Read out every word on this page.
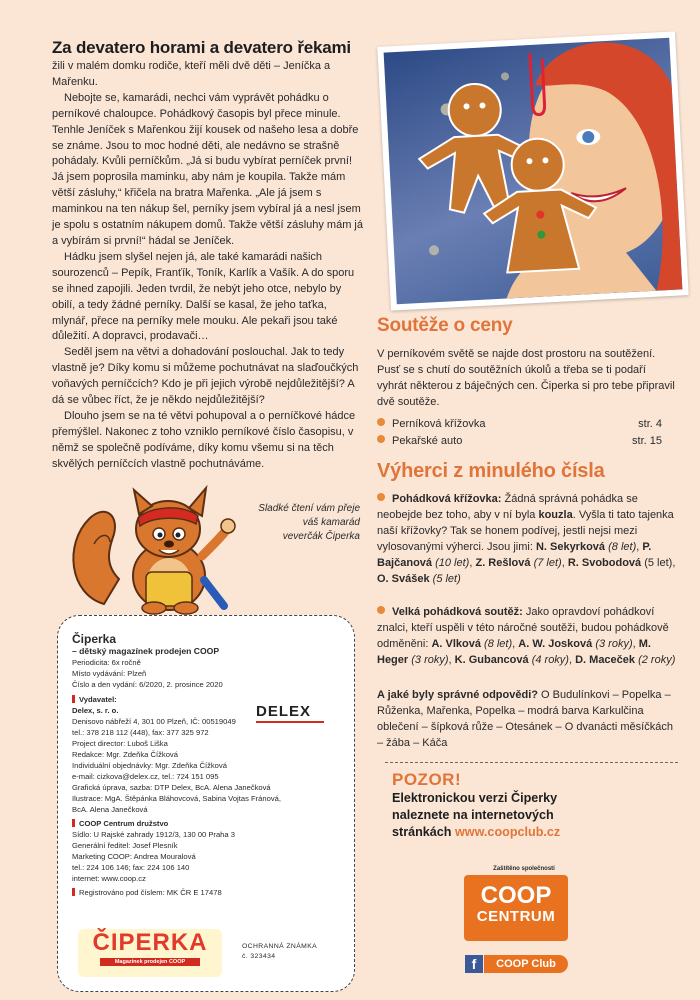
Za devatero horami a devatero řekami

žili v malém domku rodiče, kteří měli dvě děti – Jeníčka a Mařenku.

Nebojte se, kamarádi, nechci vám vyprávět pohádku o perníkové chaloupce. Pohádkový časopis byl přece minule. Tenhle Jeníček s Mařenkou žijí kousek od našeho lesa a dobře se známe. Jsou to moc hodné děti, ale nedávno se strašně pohádaly. Kvůli perníčkům. „Já si budu vybírat perníček první! Já jsem poprosila maminku, aby nám je koupila. Takže mám větší zásluhy,“ křičela na bratra Mařenka. „Ale já jsem s maminkou na ten nákup šel, perníky jsem vybíral já a nesl jsem je spolu s ostatním nákupem domů. Takže větší zásluhy mám já a vybírám si první!“ hádal se Jeníček.

Hádku jsem slyšel nejen já, ale také kamarádi našich sourozenců – Pepík, Franťík, Toník, Karlík a Vašík. A do sporu se ihned zapojili. Jeden tvrdil, že nebýt jeho otce, nebylo by obilí, a tedy žádné perníky. Další se kasal, že jeho taťka, mlynář, přece na perníky mele mouku. Ale pekaři jsou také důležití. A dopravci, prodavači…

Seděl jsem na větvi a dohadování poslouchal. Jak to tedy vlastně je? Díky komu si můžeme pochutnávat na slaďoučkých voňavých perníčcích? Kdo je při jejich výrobě nejdůležitější? A dá se vůbec říct, že je někdo nejdůležitější?

Dlouho jsem se na té větvi pohupoval a o perníčkové hádce přemýšlel. Nakonec z toho vzniklo perníkové číslo časopisu, v němž se společně podíváme, díky komu všemu si na těch skvělých perníčcích vlastně pochutnáváme.

Sladké čtení vám přeje
váš kamarád
veverčák Čiperka
Soutěže o ceny
V perníkovém světě se najde dost prostoru na soutěžení. Pusť se s chutí do soutěžních úkolů a třeba se ti podaří vyhrát některou z báječných cen. Čiperka si pro tebe připravil dvě soutěže.
Perníková křížovka	str. 4
Pekařské auto	str. 15
Výherci z minulého čísla
Pohádková křížovka: Žádná správná pohádka se neobejde bez toho, aby v ní byla kouzla. Vyšla ti tato tajenka naší křížovky? Tak se honem podívej, jestli nejsi mezi vylosovanými výherci. Jsou jimi: N. Sekyrková (8 let), P. Bajčanová (10 let), Z. Rešlová (7 let), R. Svobodová (5 let), O. Svášek (5 let)
Velká pohádková soutěž: Jako opravdoví pohádkoví znalci, kteří uspěli v této náročné soutěži, budou pohádkově odměněni: A. Vlková (8 let), A. W. Josková (3 roky), M. Heger (3 roky), K. Gubancová (4 roky), D. Maceček (2 roky)
A jaké byly správné odpovědi? O Budulínkovi – Popelka – Růženka, Mařenka, Popelka – modrá barva Karkulčina oblečení – šípková růže – Otesánek – O dvanácti měsíčkách – žába – Káča
POZOR!
Elektronickou verzi Čiperky
naleznete na internetových
stránkách www.coopclub.cz
Zaštítěno společností
COOP
CENTRUM
f	COOP Club
Čiperka
– dětský magazínek prodejen COOP
Periodicita: 6x ročně
Místo vydávání: Plzeň
Číslo a den vydání: 6/2020, 2. prosince 2020
Vydavatel:
Delex, s. r. o.
Denisovo nábřeží 4, 301 00 Plzeň, IČ: 00519049
tel.: 378 218 112 (448), fax: 377 325 972
Project director: Luboš Liška
Redakce: Mgr. Zdeňka Čížková
Individuální objednávky: Mgr. Zdeňka Čížková
e-mail: cizkova@delex.cz, tel.: 724 151 095
Grafická úprava, sazba: DTP Delex, BcA. Alena Janečková
Ilustrace: MgA. Štěpánka Bláhovcová, Sabina Vojtas Fránová,
BcA. Alena Janečková
COOP Centrum družstvo
Sídlo: U Rajské zahrady 1912/3, 130 00 Praha 3
Generální ředitel: Josef Plesník
Marketing COOP: Andrea Mouralová
tel.: 224 106 146; fax: 224 106 140
internet: www.coop.cz
Registrováno pod číslem: MK ČR E 17478
DELEX
ČIPERKA
Magazínek prodejen COOP
OCHRANNÁ ZNÁMKA
č. 323434
